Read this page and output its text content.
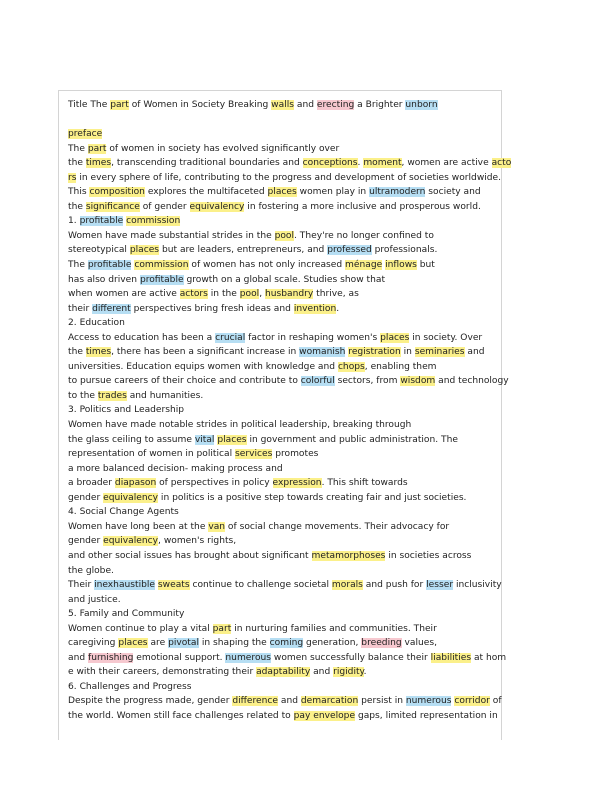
Title The part of Women in Society Breaking walls and erecting a Brighter unborn
preface
The part of women in society has evolved significantly over
the times, transcending traditional boundaries and conceptions. moment, women are active acto
rs in every sphere of life, contributing to the progress and development of societies worldwide.
This composition explores the multifaceted places women play in ultramodern society and
the significance of gender equivalency in fostering a more inclusive and prosperous world.
1. profitable commission
Women have made substantial strides in the pool. They're no longer confined to
stereotypical places but are leaders, entrepreneurs, and professed professionals.
The profitable commission of women has not only increased ménage inflows but
has also driven profitable growth on a global scale. Studies show that
when women are active actors in the pool, husbandry thrive, as
their different perspectives bring fresh ideas and invention.
2. Education
Access to education has been a crucial factor in reshaping women's places in society. Over
the times, there has been a significant increase in womanish registration in seminaries and
universities. Education equips women with knowledge and chops, enabling them
to pursue careers of their choice and contribute to colorful sectors, from wisdom and technology
to the trades and humanities.
3. Politics and Leadership
Women have made notable strides in political leadership, breaking through
the glass ceiling to assume vital places in government and public administration. The
representation of women in political services promotes
a more balanced decision- making process and
a broader diapason of perspectives in policy expression. This shift towards
gender equivalency in politics is a positive step towards creating fair and just societies.
4. Social Change Agents
Women have long been at the van of social change movements. Their advocacy for
gender equivalency, women's rights,
and other social issues has brought about significant metamorphoses in societies across
the globe.
Their inexhaustible sweats continue to challenge societal morals and push for lesser inclusivity
and justice.
5. Family and Community
Women continue to play a vital part in nurturing families and communities. Their
caregiving places are pivotal in shaping the coming generation, breeding values,
and furnishing emotional support. numerous women successfully balance their liabilities at hom
e with their careers, demonstrating their adaptability and rigidity.
6. Challenges and Progress
Despite the progress made, gender difference and demarcation persist in numerous corridor of
the world. Women still face challenges related to pay envelope gaps, limited representation in
